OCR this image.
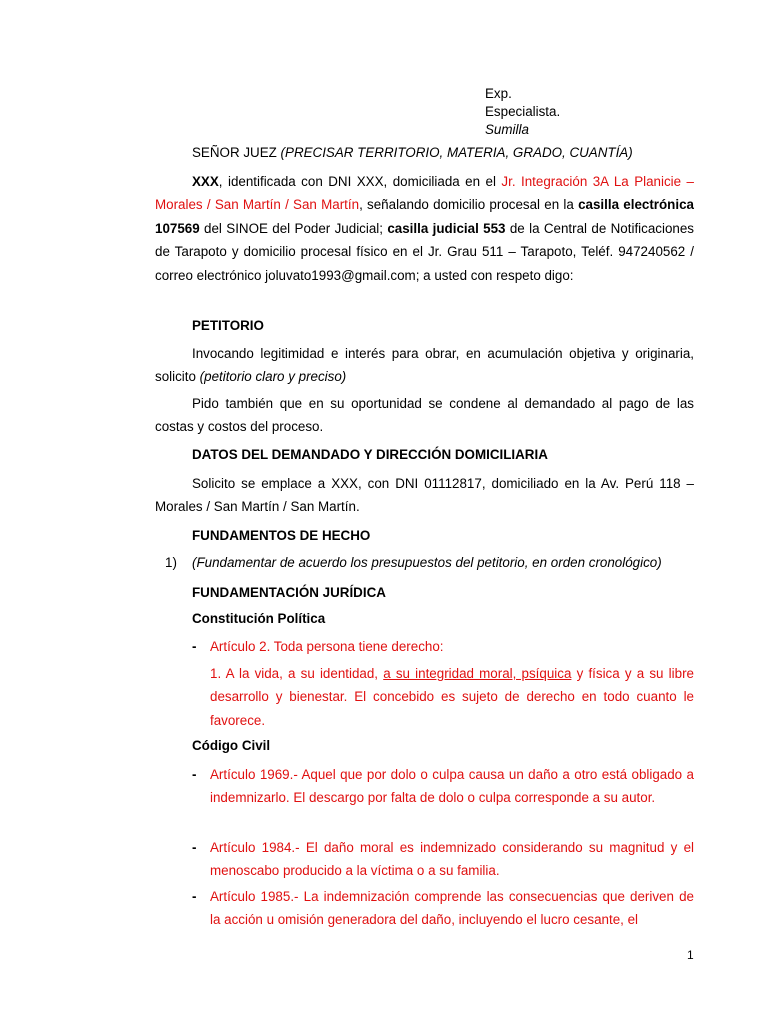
Exp.
Especialista.
Sumilla
SEÑOR JUEZ (PRECISAR TERRITORIO, MATERIA, GRADO, CUANTÍA)
XXX, identificada con DNI XXX, domiciliada en el Jr. Integración 3A La Planicie – Morales / San Martín / San Martín, señalando domicilio procesal en la casilla electrónica 107569 del SINOE del Poder Judicial; casilla judicial 553 de la Central de Notificaciones de Tarapoto y domicilio procesal físico en el Jr. Grau 511 – Tarapoto, Teléf. 947240562 / correo electrónico joluvato1993@gmail.com; a usted con respeto digo:
PETITORIO
Invocando legitimidad e interés para obrar, en acumulación objetiva y originaria, solicito (petitorio claro y preciso)
Pido también que en su oportunidad se condene al demandado al pago de las costas y costos del proceso.
DATOS DEL DEMANDADO Y DIRECCIÓN DOMICILIARIA
Solicito se emplace a XXX, con DNI 01112817, domiciliado en la Av. Perú 118 – Morales / San Martín / San Martín.
FUNDAMENTOS DE HECHO
1) (Fundamentar de acuerdo los presupuestos del petitorio, en orden cronológico)
FUNDAMENTACIÓN JURÍDICA
Constitución Política
- Artículo 2. Toda persona tiene derecho:
1. A la vida, a su identidad, a su integridad moral, psíquica y física y a su libre desarrollo y bienestar. El concebido es sujeto de derecho en todo cuanto le favorece.
Código Civil
- Artículo 1969.- Aquel que por dolo o culpa causa un daño a otro está obligado a indemnizarlo. El descargo por falta de dolo o culpa corresponde a su autor.
- Artículo 1984.- El daño moral es indemnizado considerando su magnitud y el menoscabo producido a la víctima o a su familia.
- Artículo 1985.- La indemnización comprende las consecuencias que deriven de la acción u omisión generadora del daño, incluyendo el lucro cesante, el
1
